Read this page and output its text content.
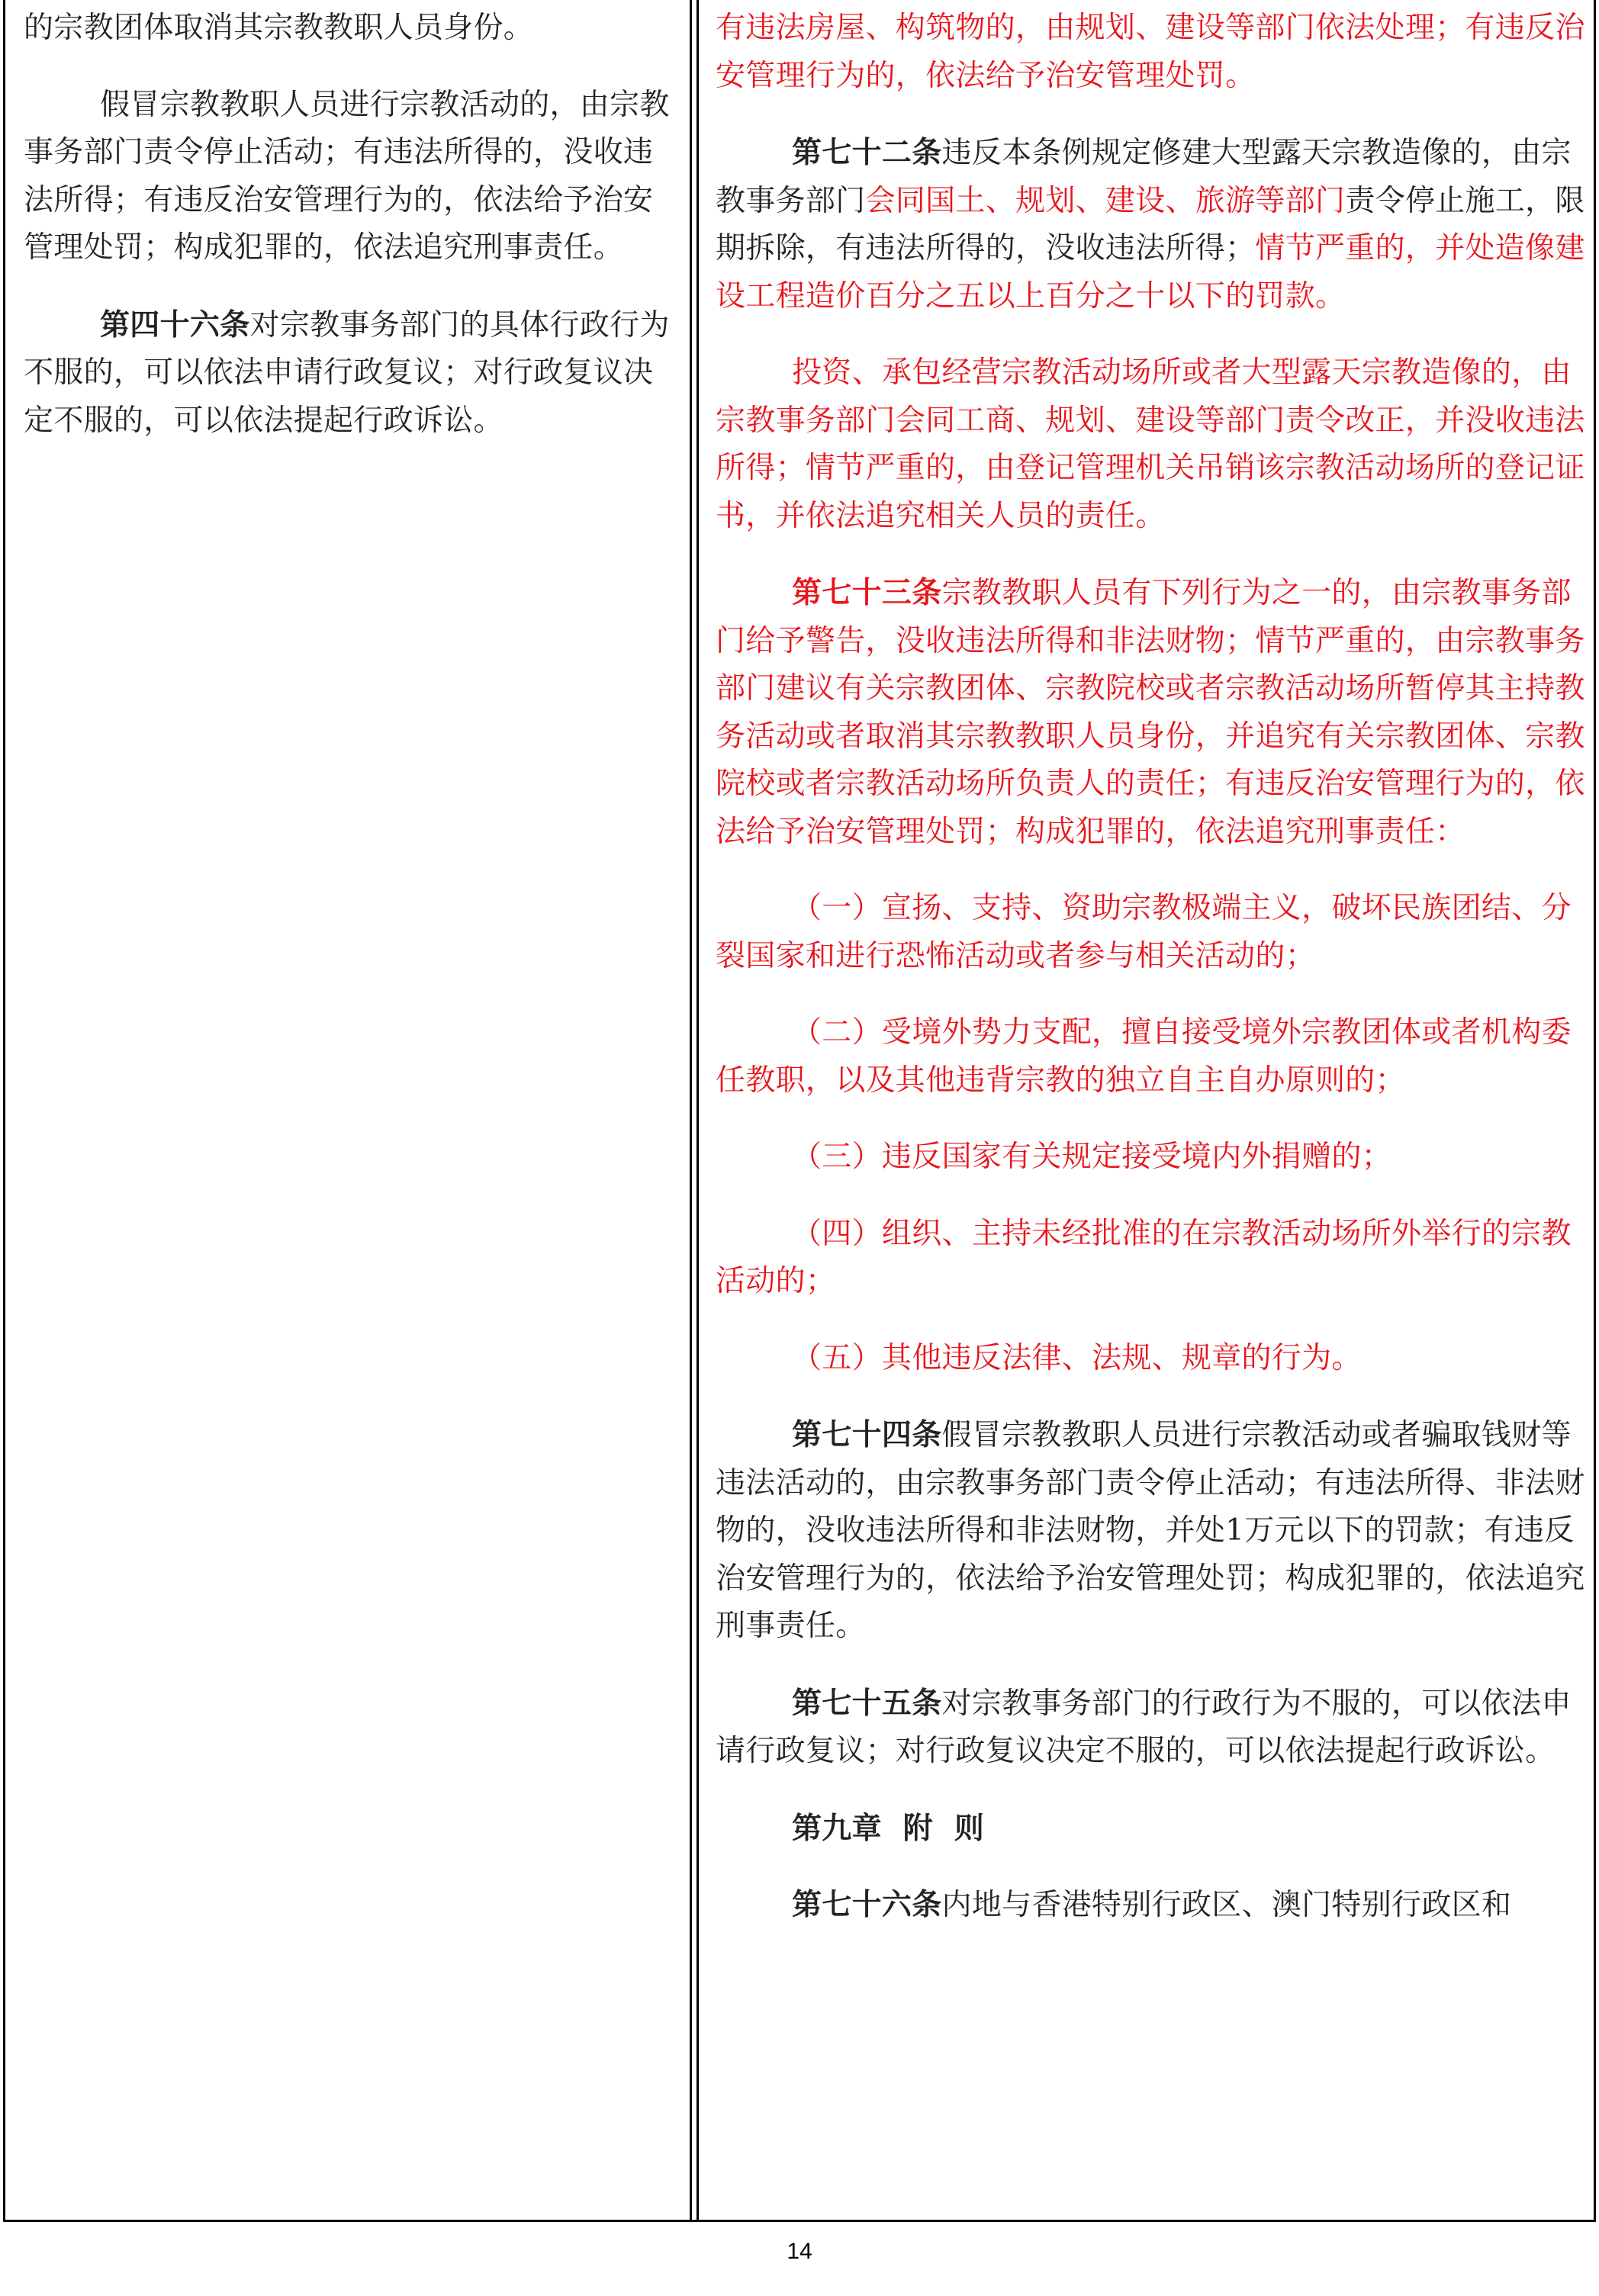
的宗教团体取消其宗教教职人员身份。

假冒宗教教职人员进行宗教活动的，由宗教事务部门责令停止活动；有违法所得的，没收违法所得；有违反治安管理行为的，依法给予治安管理处罚；构成犯罪的，依法追究刑事责任。

第四十六条对宗教事务部门的具体行政行为不服的，可以依法申请行政复议；对行政复议决定不服的，可以依法提起行政诉讼。

有违法房屋、构筑物的，由规划、建设等部门依法处理；有违反治安管理行为的，依法给予治安管理处罚。

第七十二条违反本条例规定修建大型露天宗教造像的，由宗教事务部门会同国土、规划、建设、旅游等部门责令停止施工，限期拆除，有违法所得的，没收违法所得；情节严重的，并处造像建设工程造价百分之五以上百分之十以下的罚款。

投资、承包经营宗教活动场所或者大型露天宗教造像的，由宗教事务部门会同工商、规划、建设等部门责令改正，并没收违法所得；情节严重的，由登记管理机关吊销该宗教活动场所的登记证书，并依法追究相关人员的责任。

第七十三条宗教教职人员有下列行为之一的，由宗教事务部门给予警告，没收违法所得和非法财物；情节严重的，由宗教事务部门建议有关宗教团体、宗教院校或者宗教活动场所暂停其主持教务活动或者取消其宗教教职人员身份，并追究有关宗教团体、宗教院校或者宗教活动场所负责人的责任；有违反治安管理行为的，依法给予治安管理处罚；构成犯罪的，依法追究刑事责任：

（一）宣扬、支持、资助宗教极端主义，破坏民族团结、分裂国家和进行恐怖活动或者参与相关活动的；

（二）受境外势力支配，擅自接受境外宗教团体或者机构委任教职，以及其他违背宗教的独立自主自办原则的；

（三）违反国家有关规定接受境内外捐赠的；

（四）组织、主持未经批准的在宗教活动场所外举行的宗教活动的；

（五）其他违反法律、法规、规章的行为。

第七十四条假冒宗教教职人员进行宗教活动或者骗取钱财等违法活动的，由宗教事务部门责令停止活动；有违法所得、非法财物的，没收违法所得和非法财物，并处1万元以下的罚款；有违反治安管理行为的，依法给予治安管理处罚；构成犯罪的，依法追究刑事责任。

第七十五条对宗教事务部门的行政行为不服的，可以依法申请行政复议；对行政复议决定不服的，可以依法提起行政诉讼。

第九章  附  则

第七十六条内地与香港特别行政区、澳门特别行政区和

14
